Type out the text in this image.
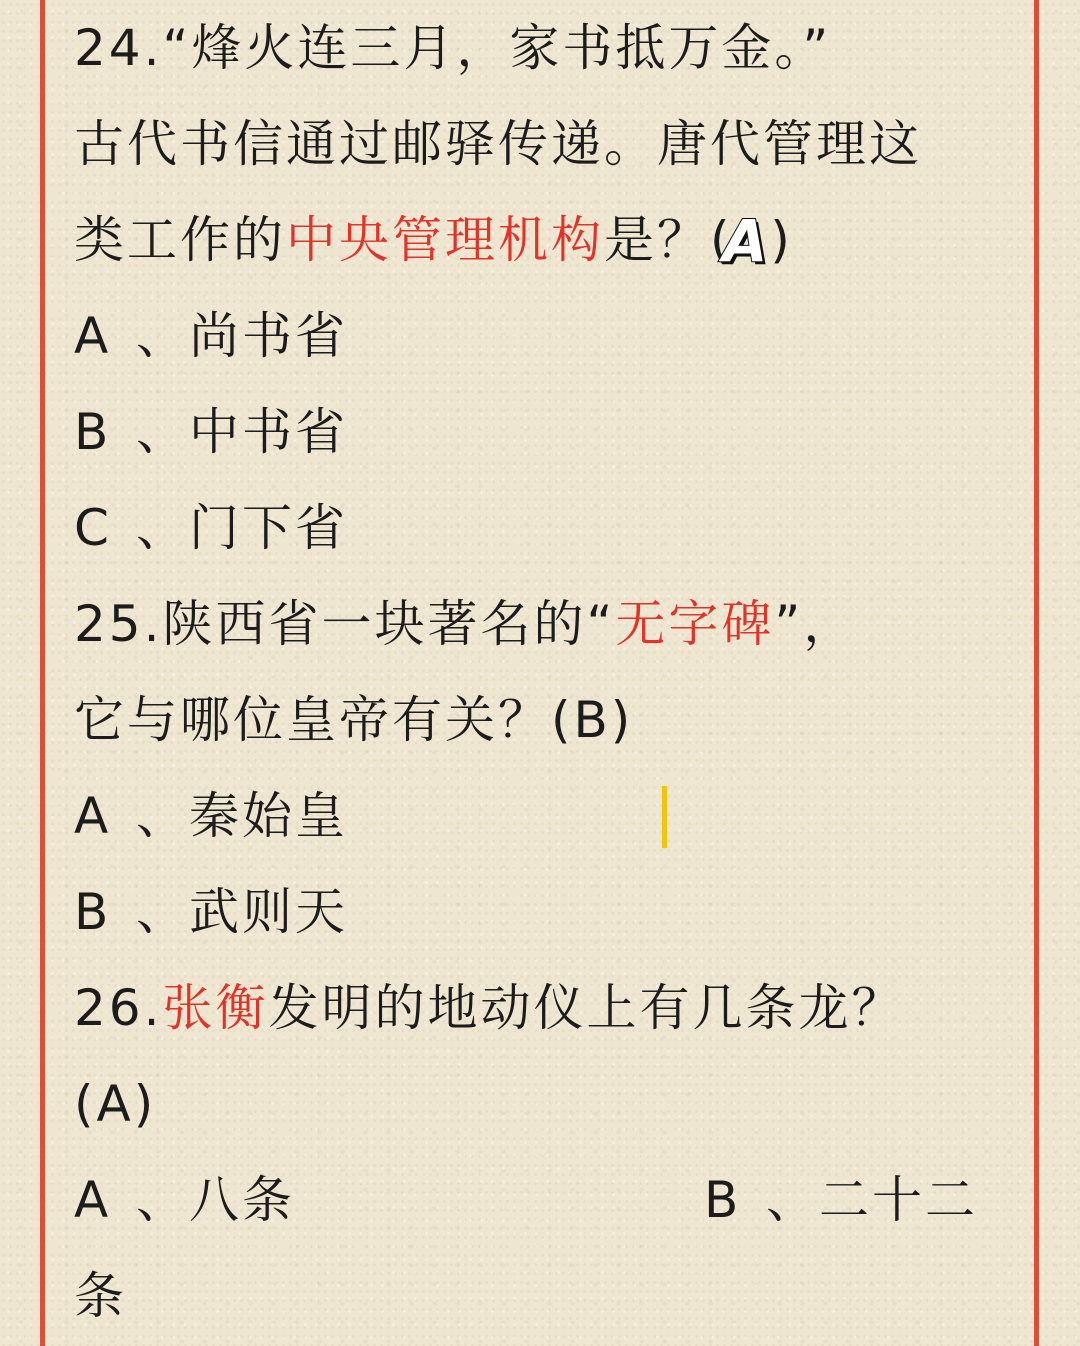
24.“烽火连三月，家书抵万金。”
古代书信通过邮驿传递。唐代管理这
类工作的中央管理机构是？(A)
A 、尚书省
B 、中书省
C 、门下省
25.陕西省一块著名的“无字碑”，
它与哪位皇帝有关？(B)
A 、秦始皇
B 、武则天
26.张衡发明的地动仪上有几条龙？
(A)
A 、八条	B 、二十二
条
